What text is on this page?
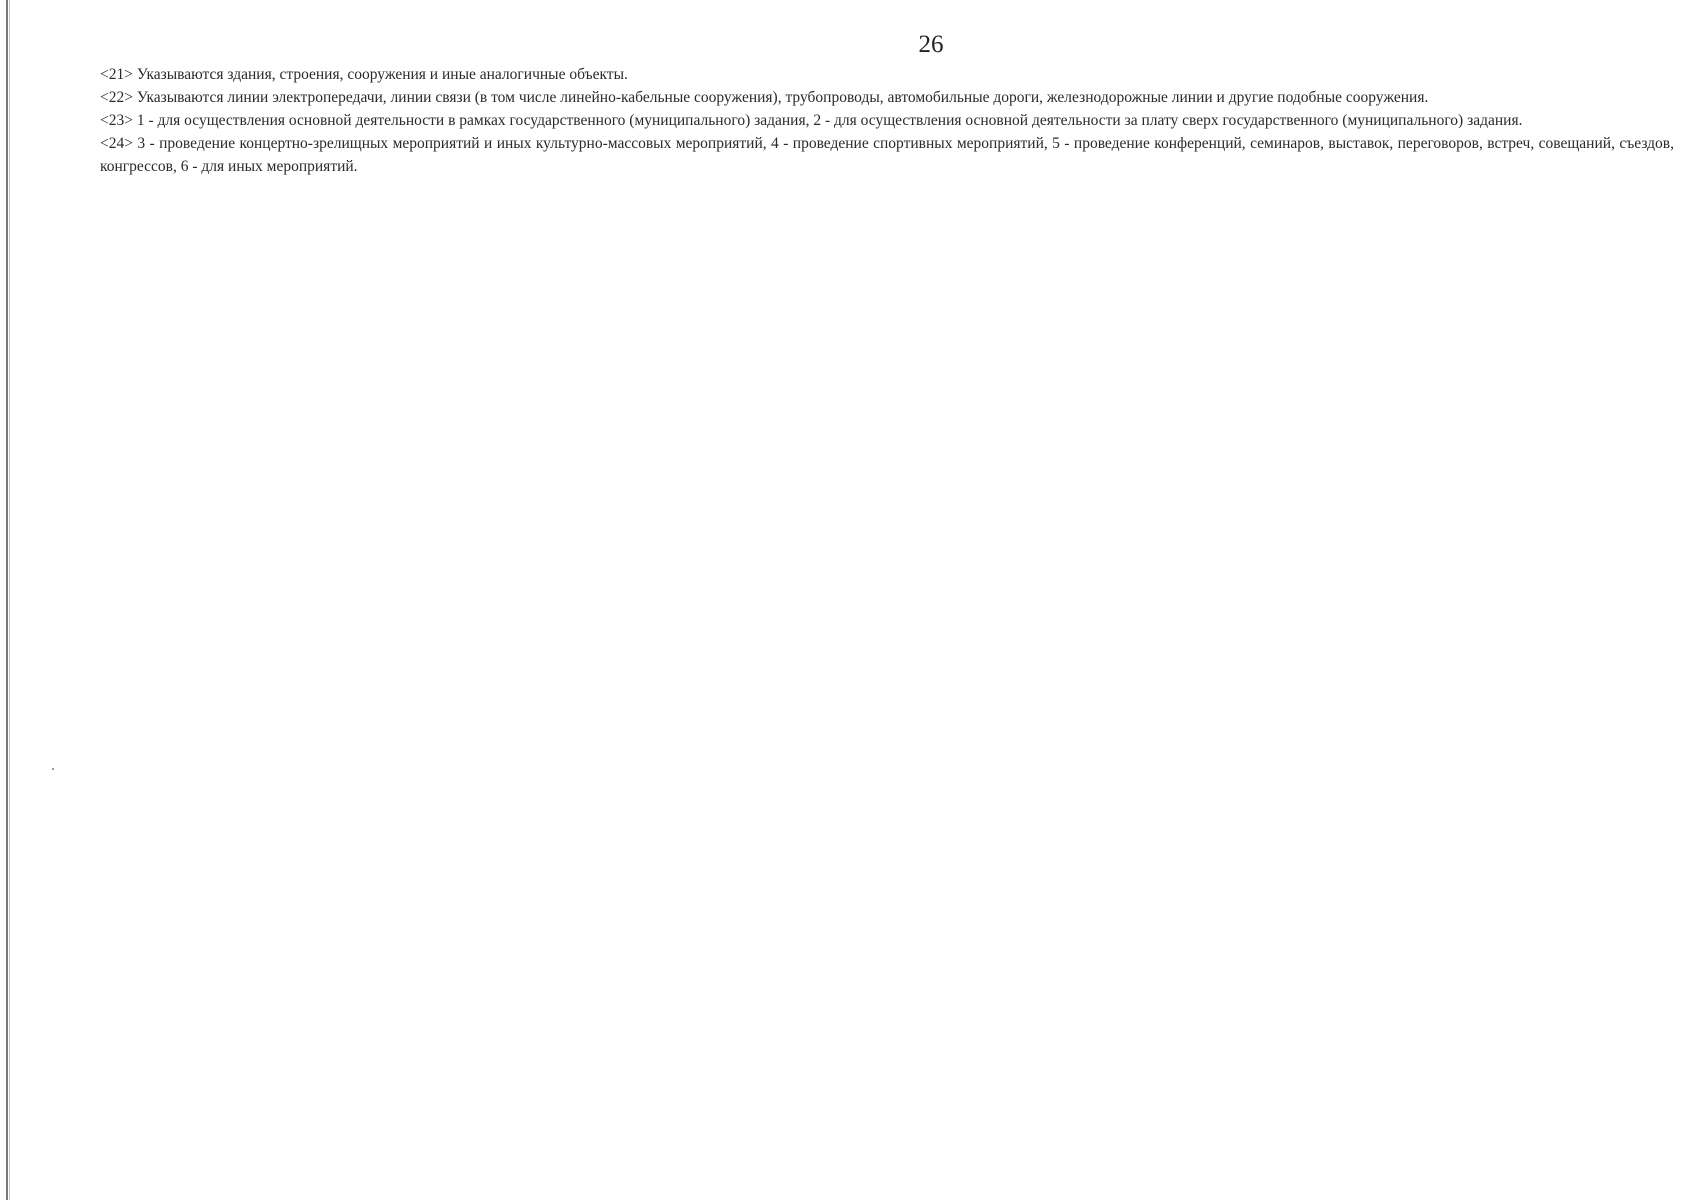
26

<21> Указываются здания, строения, сооружения и иные аналогичные объекты.

<22> Указываются линии электропередачи, линии связи (в том числе линейно-кабельные сооружения), трубопроводы, автомобильные дороги, железнодорожные линии и другие подобные сооружения.

<23> 1 - для осуществления основной деятельности в рамках государственного (муниципального) задания, 2 - для осуществления основной деятельности за плату сверх государственного (муниципального) задания.

<24> 3 - проведение концертно-зрелищных мероприятий и иных культурно-массовых мероприятий, 4 - проведение спортивных мероприятий, 5 - проведение конференций, семинаров, выставок, переговоров, встреч, совещаний, съездов, конгрессов, 6 - для иных мероприятий.
